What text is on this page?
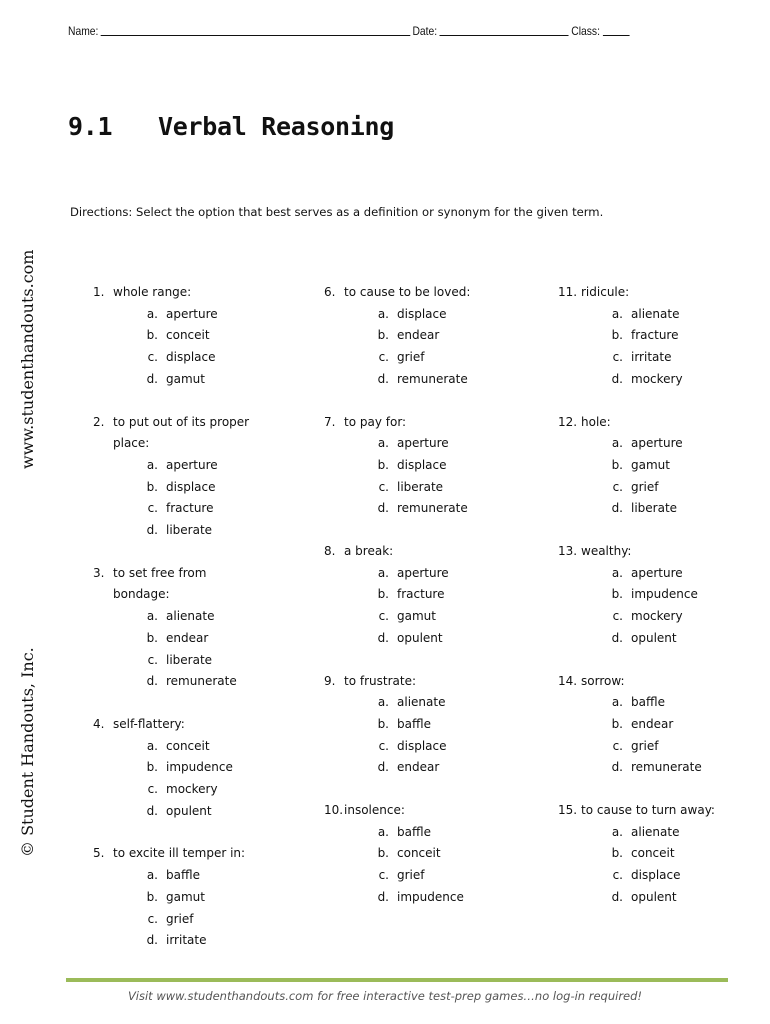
Name:	Date:	Class:
9.1 Verbal Reasoning

Directions: Select the option that best serves as a definition or synonym for the given term.

www.studenthandouts.com
© Student Handouts, Inc.
1. whole range:
a. aperture
b. conceit
c. displace
d. gamut
2. to put out of its proper place:
a. aperture
b. displace
c. fracture
d. liberate
3. to set free from bondage:
a. alienate
b. endear
c. liberate
d. remunerate
4. self-flattery:
a. conceit
b. impudence
c. mockery
d. opulent
5. to excite ill temper in:
a. baffle
b. gamut
c. grief
d. irritate
6. to cause to be loved:
a. displace
b. endear
c. grief
d. remunerate
7. to pay for:
a. aperture
b. displace
c. liberate
d. remunerate
8. a break:
a. aperture
b. fracture
c. gamut
d. opulent
9. to frustrate:
a. alienate
b. baffle
c. displace
d. endear
10. insolence:
a. baffle
b. conceit
c. grief
d. impudence
11. ridicule:
a. alienate
b. fracture
c. irritate
d. mockery
12. hole:
a. aperture
b. gamut
c. grief
d. liberate
13. wealthy:
a. aperture
b. impudence
c. mockery
d. opulent
14. sorrow:
a. baffle
b. endear
c. grief
d. remunerate
15. to cause to turn away:
a. alienate
b. conceit
c. displace
d. opulent

Visit www.studenthandouts.com for free interactive test-prep games…no log-in required!
